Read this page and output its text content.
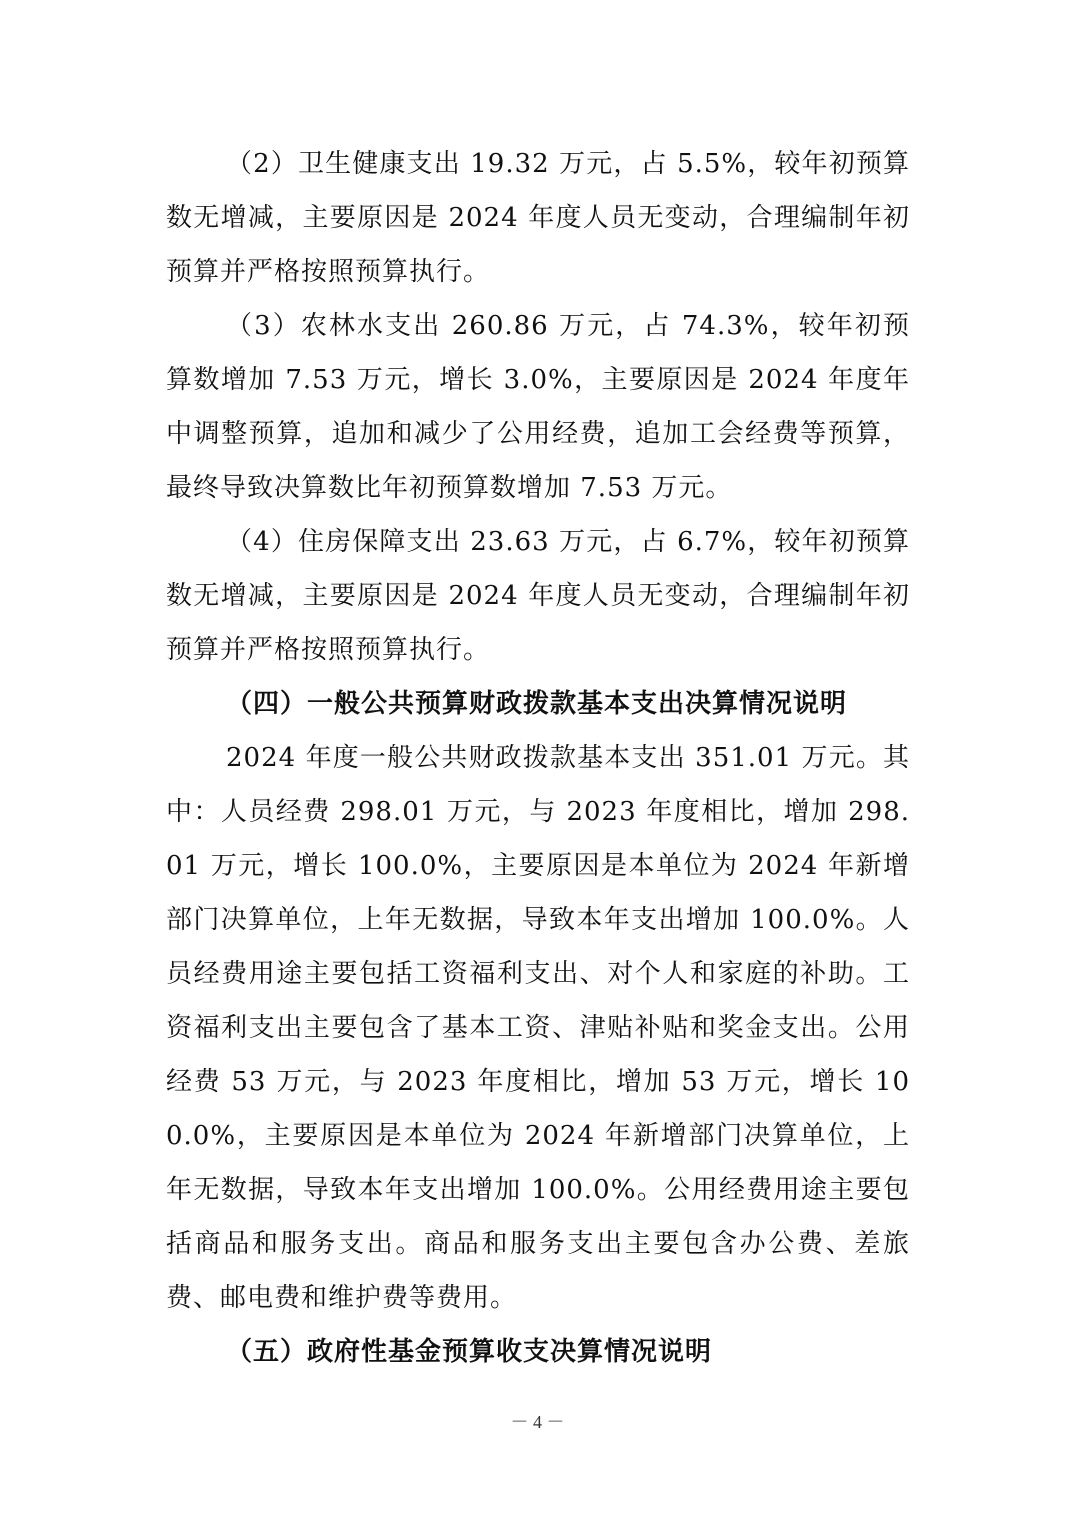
（2）卫生健康支出 19.32 万元，占 5.5%，较年初预算数无增减，主要原因是 2024 年度人员无变动，合理编制年初预算并严格按照预算执行。

（3）农林水支出 260.86 万元，占 74.3%，较年初预算数增加 7.53 万元，增长 3.0%，主要原因是 2024 年度年中调整预算，追加和减少了公用经费，追加工会经费等预算，最终导致决算数比年初预算数增加 7.53 万元。

（4）住房保障支出 23.63 万元，占 6.7%，较年初预算数无增减，主要原因是 2024 年度人员无变动，合理编制年初预算并严格按照预算执行。

（四）一般公共预算财政拨款基本支出决算情况说明

2024 年度一般公共财政拨款基本支出 351.01 万元。其中：人员经费 298.01 万元，与 2023 年度相比，增加 298.01 万元，增长 100.0%，主要原因是本单位为 2024 年新增部门决算单位，上年无数据，导致本年支出增加 100.0%。人员经费用途主要包括工资福利支出、对个人和家庭的补助。工资福利支出主要包含了基本工资、津贴补贴和奖金支出。公用经费 53 万元，与 2023 年度相比，增加 53 万元，增长 100.0%，主要原因是本单位为 2024 年新增部门决算单位，上年无数据，导致本年支出增加 100.0%。公用经费用途主要包括商品和服务支出。商品和服务支出主要包含办公费、差旅费、邮电费和维护费等费用。

（五）政府性基金预算收支决算情况说明

－ 4 －
